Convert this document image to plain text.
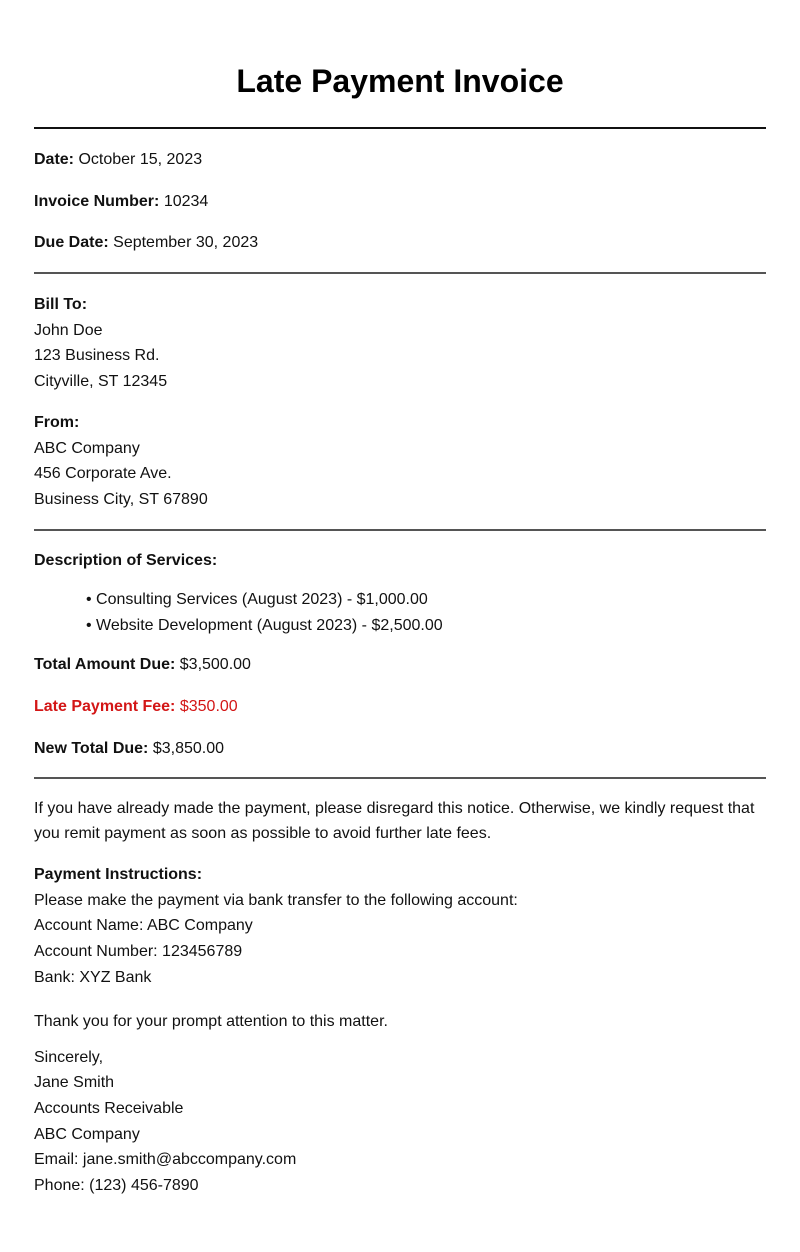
Late Payment Invoice

Date: October 15, 2023

Invoice Number: 10234

Due Date: September 30, 2023

Bill To:

John Doe

123 Business Rd.

Cityville, ST 12345

From:

ABC Company

456 Corporate Ave.

Business City, ST 67890

Description of Services:

• Consulting Services (August 2023) - $1,000.00
• Website Development (August 2023) - $2,500.00

Total Amount Due: $3,500.00

Late Payment Fee: $350.00

New Total Due: $3,850.00

If you have already made the payment, please disregard this notice. Otherwise, we kindly request that

you remit payment as soon as possible to avoid further late fees.

Payment Instructions:

Please make the payment via bank transfer to the following account:

Account Name: ABC Company

Account Number: 123456789

Bank: XYZ Bank

Thank you for your prompt attention to this matter.

Sincerely,

Jane Smith

Accounts Receivable

ABC Company

Email: jane.smith@abccompany.com

Phone: (123) 456-7890
